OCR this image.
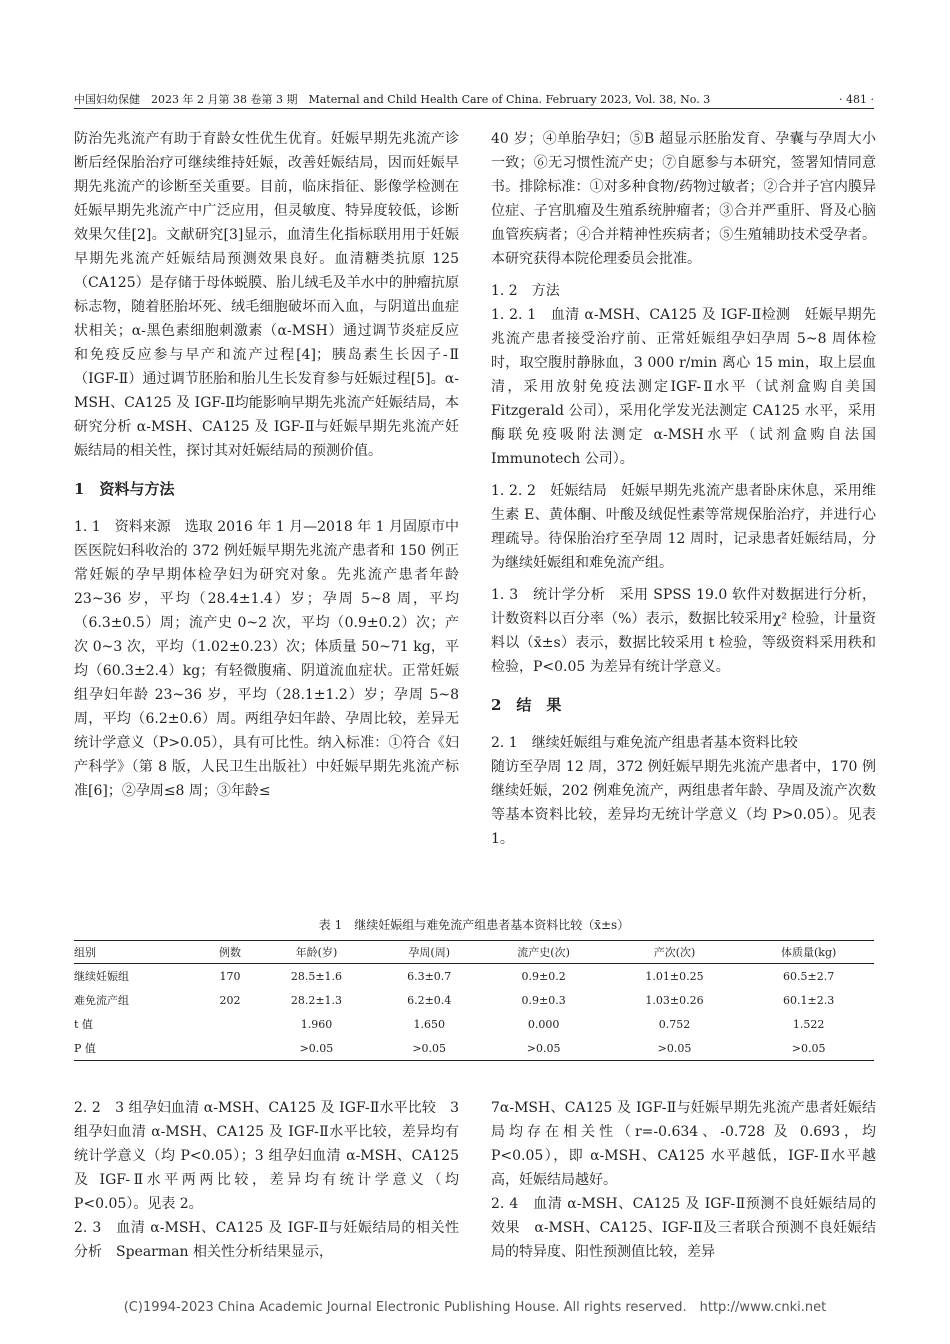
中国妇幼保健　2023 年 2 月第 38 卷第 3 期　Maternal and Child Health Care of China. February 2023, Vol. 38, No. 3	· 481 ·

防治先兆流产有助于育龄女性优生优育。妊娠早期先兆流产诊断后经保胎治疗可继续维持妊娠，改善妊娠结局，因而妊娠早期先兆流产的诊断至关重要。目前，临床指征、影像学检测在妊娠早期先兆流产中广泛应用，但灵敏度、特异度较低，诊断效果欠佳[2]。文献研究[3]显示，血清生化指标联用用于妊娠早期先兆流产妊娠结局预测效果良好。血清糖类抗原 125（CA125）是存储于母体蜕膜、胎儿绒毛及羊水中的肿瘤抗原标志物，随着胚胎坏死、绒毛细胞破坏而入血，与阴道出血症状相关；α-黑色素细胞刺激素（α-MSH）通过调节炎症反应和免疫反应参与早产和流产过程[4]；胰岛素生长因子-Ⅱ（IGF-Ⅱ）通过调节胚胎和胎儿生长发育参与妊娠过程[5]。α-MSH、CA125 及 IGF-Ⅱ均能影响早期先兆流产妊娠结局，本研究分析 α-MSH、CA125 及 IGF-Ⅱ与妊娠早期先兆流产妊娠结局的相关性，探讨其对妊娠结局的预测价值。

1　资料与方法

1. 1　资料来源　 选取 2016 年 1 月—2018 年 1 月固原市中医医院妇科收治的 372 例妊娠早期先兆流产患者和 150 例正常妊娠的孕早期体检孕妇为研究对象。先兆流产患者年龄 23~36 岁，平均（28.4±1.4）岁；孕周 5~8 周，平均（6.3±0.5）周；流产史 0~2 次，平均（0.9±0.2）次；产次 0~3 次，平均（1.02±0.23）次；体质量 50~71 kg，平均（60.3±2.4）kg；有轻微腹痛、阴道流血症状。正常妊娠组孕妇年龄 23~36 岁，平均（28.1±1.2）岁；孕周 5~8 周，平均（6.2±0.6）周。两组孕妇年龄、孕周比较，差异无统计学意义（P>0.05），具有可比性。纳入标准：①符合《妇产科学》（第 8 版，人民卫生出版社）中妊娠早期先兆流产标准[6]；②孕周≤8 周；③年龄≤

40 岁；④单胎孕妇；⑤B 超显示胚胎发育、孕囊与孕周大小一致；⑥无习惯性流产史；⑦自愿参与本研究，签署知情同意书。排除标准：①对多种食物/药物过敏者；②合并子宫内膜异位症、子宫肌瘤及生殖系统肿瘤者；③合并严重肝、肾及心脑血管疾病者；④合并精神性疾病者；⑤生殖辅助技术受孕者。本研究获得本院伦理委员会批准。

1. 2　方法

1. 2. 1　血清 α-MSH、CA125 及 IGF-Ⅱ检测　 妊娠早期先兆流产患者接受治疗前、正常妊娠组孕妇孕周 5~8 周体检时，取空腹肘静脉血，3 000 r/min 离心 15 min，取上层血清，采用放射免疫法测定IGF-Ⅱ水平（试剂盒购自美国 Fitzgerald 公司），采用化学发光法测定 CA125 水平，采用酶联免疫吸附法测定 α-MSH水平（试剂盒购自法国 Immunotech 公司）。

1. 2. 2　妊娠结局　 妊娠早期先兆流产患者卧床休息，采用维生素 E、黄体酮、叶酸及绒促性素等常规保胎治疗，并进行心理疏导。待保胎治疗至孕周 12 周时，记录患者妊娠结局，分为继续妊娠组和难免流产组。

1. 3　统计学分析　 采用 SPSS 19.0 软件对数据进行分析，计数资料以百分率（%）表示，数据比较采用χ² 检验，计量资料以（x̄±s）表示，数据比较采用 t 检验，等级资料采用秩和检验，P<0.05 为差异有统计学意义。

2　结　果
2. 1　继续妊娠组与难免流产组患者基本资料比较

随访至孕周 12 周，372 例妊娠早期先兆流产患者中，170 例继续妊娠，202 例难免流产，两组患者年龄、孕周及流产次数等基本资料比较，差异均无统计学意义（均 P>0.05）。见表 1。

表 1　继续妊娠组与难免流产组患者基本资料比较（x̄±s）
组别	例数	年龄(岁)	孕周(周)	流产史(次)	产次(次)	体质量(kg)
继续妊娠组	170	28.5±1.6	6.3±0.7	0.9±0.2	1.01±0.25	60.5±2.7
难免流产组	202	28.2±1.3	6.2±0.4	0.9±0.3	1.03±0.26	60.1±2.3
t 值		1.960	1.650	0.000	0.752	1.522
P 值		>0.05	>0.05	>0.05	>0.05	>0.05

2. 2　3 组孕妇血清 α-MSH、CA125 及 IGF-Ⅱ水平比较　3 组孕妇血清 α-MSH、CA125 及 IGF-Ⅱ水平比较，差异均有统计学意义（均 P<0.05）；3 组孕妇血清 α-MSH、CA125 及 IGF-Ⅱ水平两两比较，差异均有统计学意义（均 P<0.05）。见表 2。

2. 3　血清 α-MSH、CA125 及 IGF-Ⅱ与妊娠结局的相关性分析　Spearman 相关性分析结果显示，

7α-MSH、CA125 及 IGF-Ⅱ与妊娠早期先兆流产患者妊娠结局均存在相关性（r=-0.634、-0.728 及 0.693，均 P<0.05），即 α-MSH、CA125 水平越低，IGF-Ⅱ水平越高，妊娠结局越好。

2. 4　血清 α-MSH、CA125 及 IGF-Ⅱ预测不良妊娠结局的效果　α-MSH、CA125、IGF-Ⅱ及三者联合预测不良妊娠结局的特异度、阳性预测值比较，差异

(C)1994-2023 China Academic Journal Electronic Publishing House. All rights reserved.　http://www.cnki.net
